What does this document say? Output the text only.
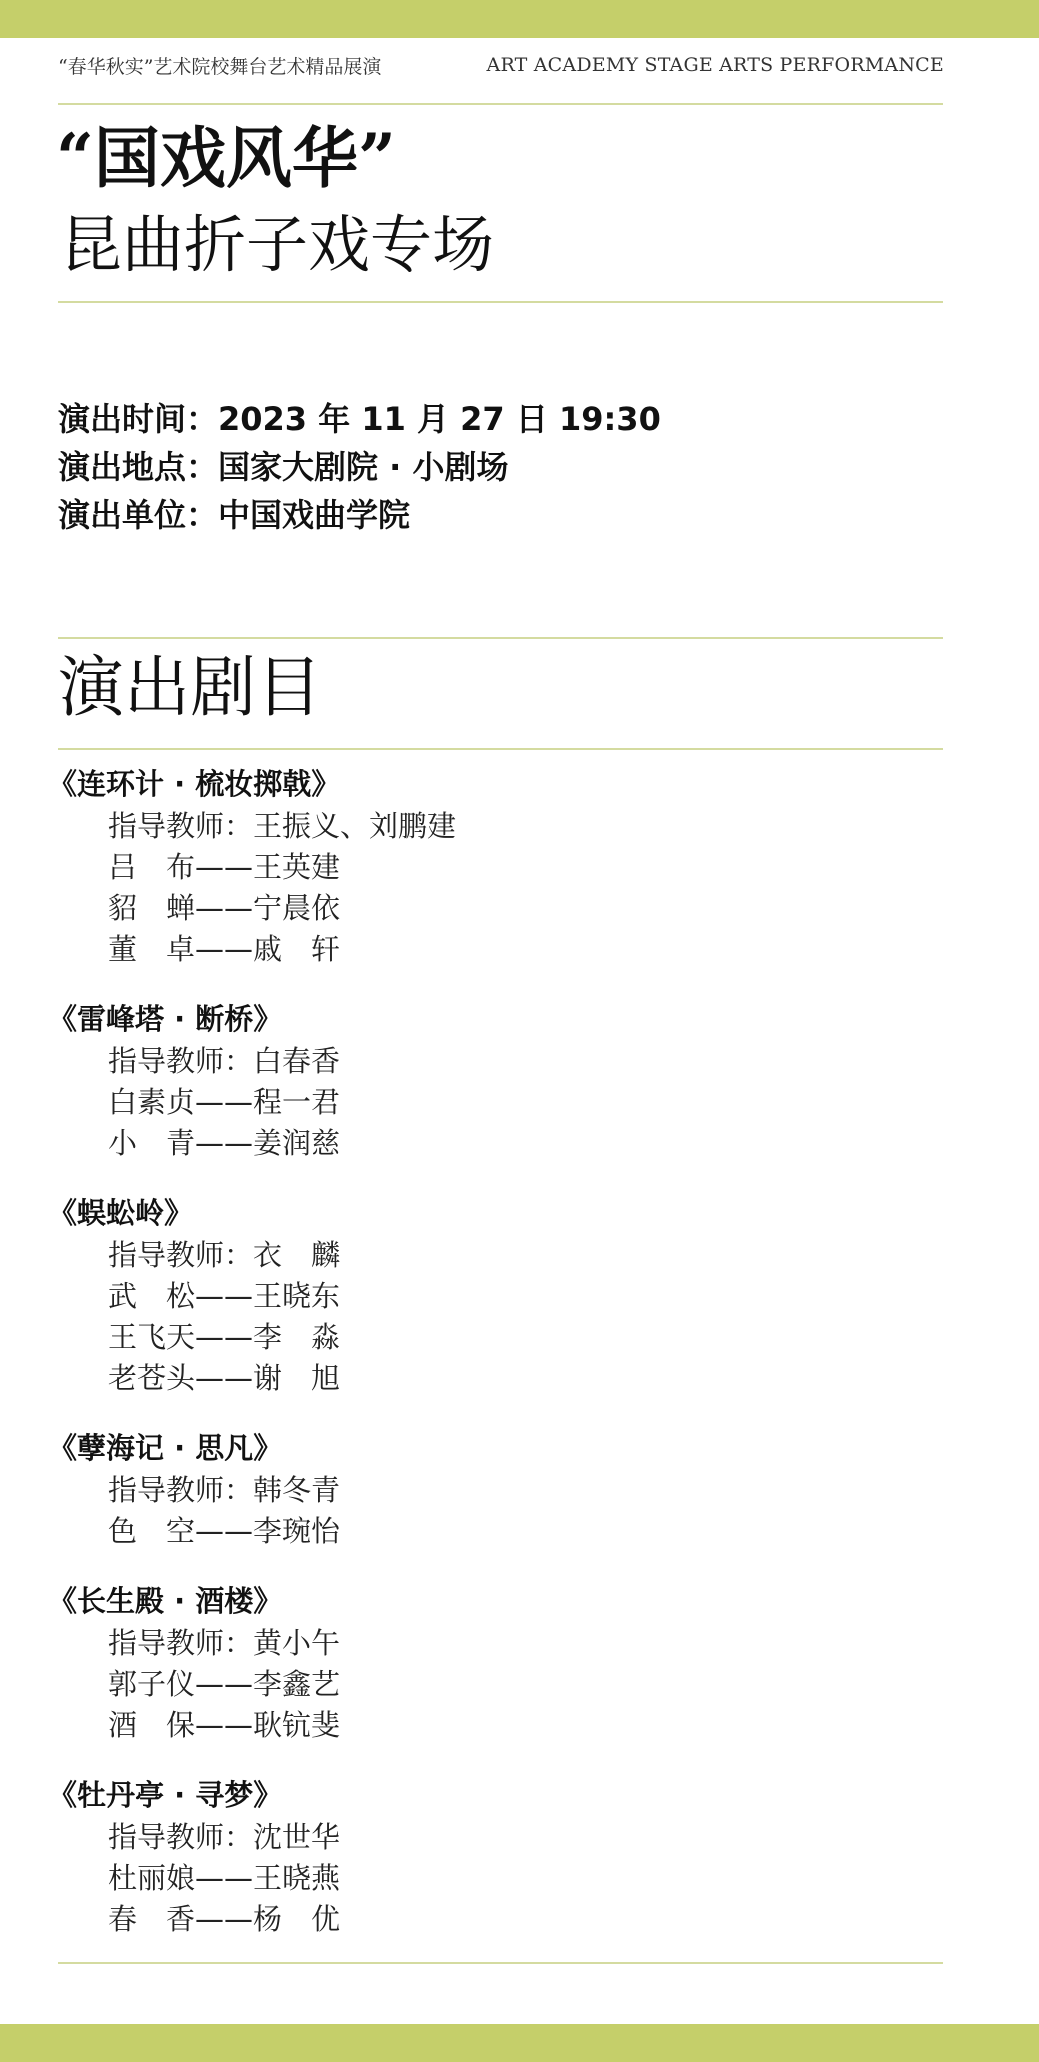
“春华秋实”艺术院校舞台艺术精品展演	ART ACADEMY STAGE ARTS PERFORMANCE
“国戏风华”
昆曲折子戏专场
演出时间：2023 年 11 月 27 日 19:30
演出地点：国家大剧院 · 小剧场
演出单位：中国戏曲学院
演出剧目
《连环计 · 梳妆掷戟》
指导教师：王振义、刘鹏建
吕　布——王英建
貂　蝉——宁晨依
董　卓——戚　轩
《雷峰塔 · 断桥》
指导教师：白春香
白素贞——程一君
小　青——姜润慈
《蜈蚣岭》
指导教师：衣　麟
武　松——王晓东
王飞天——李　淼
老苍头——谢　旭
《孽海记 · 思凡》
指导教师：韩冬青
色　空——李琬怡
《长生殿 · 酒楼》
指导教师：黄小午
郭子仪——李鑫艺
酒　保——耿钪斐
《牡丹亭 · 寻梦》
指导教师：沈世华
杜丽娘——王晓燕
春　香——杨　优
